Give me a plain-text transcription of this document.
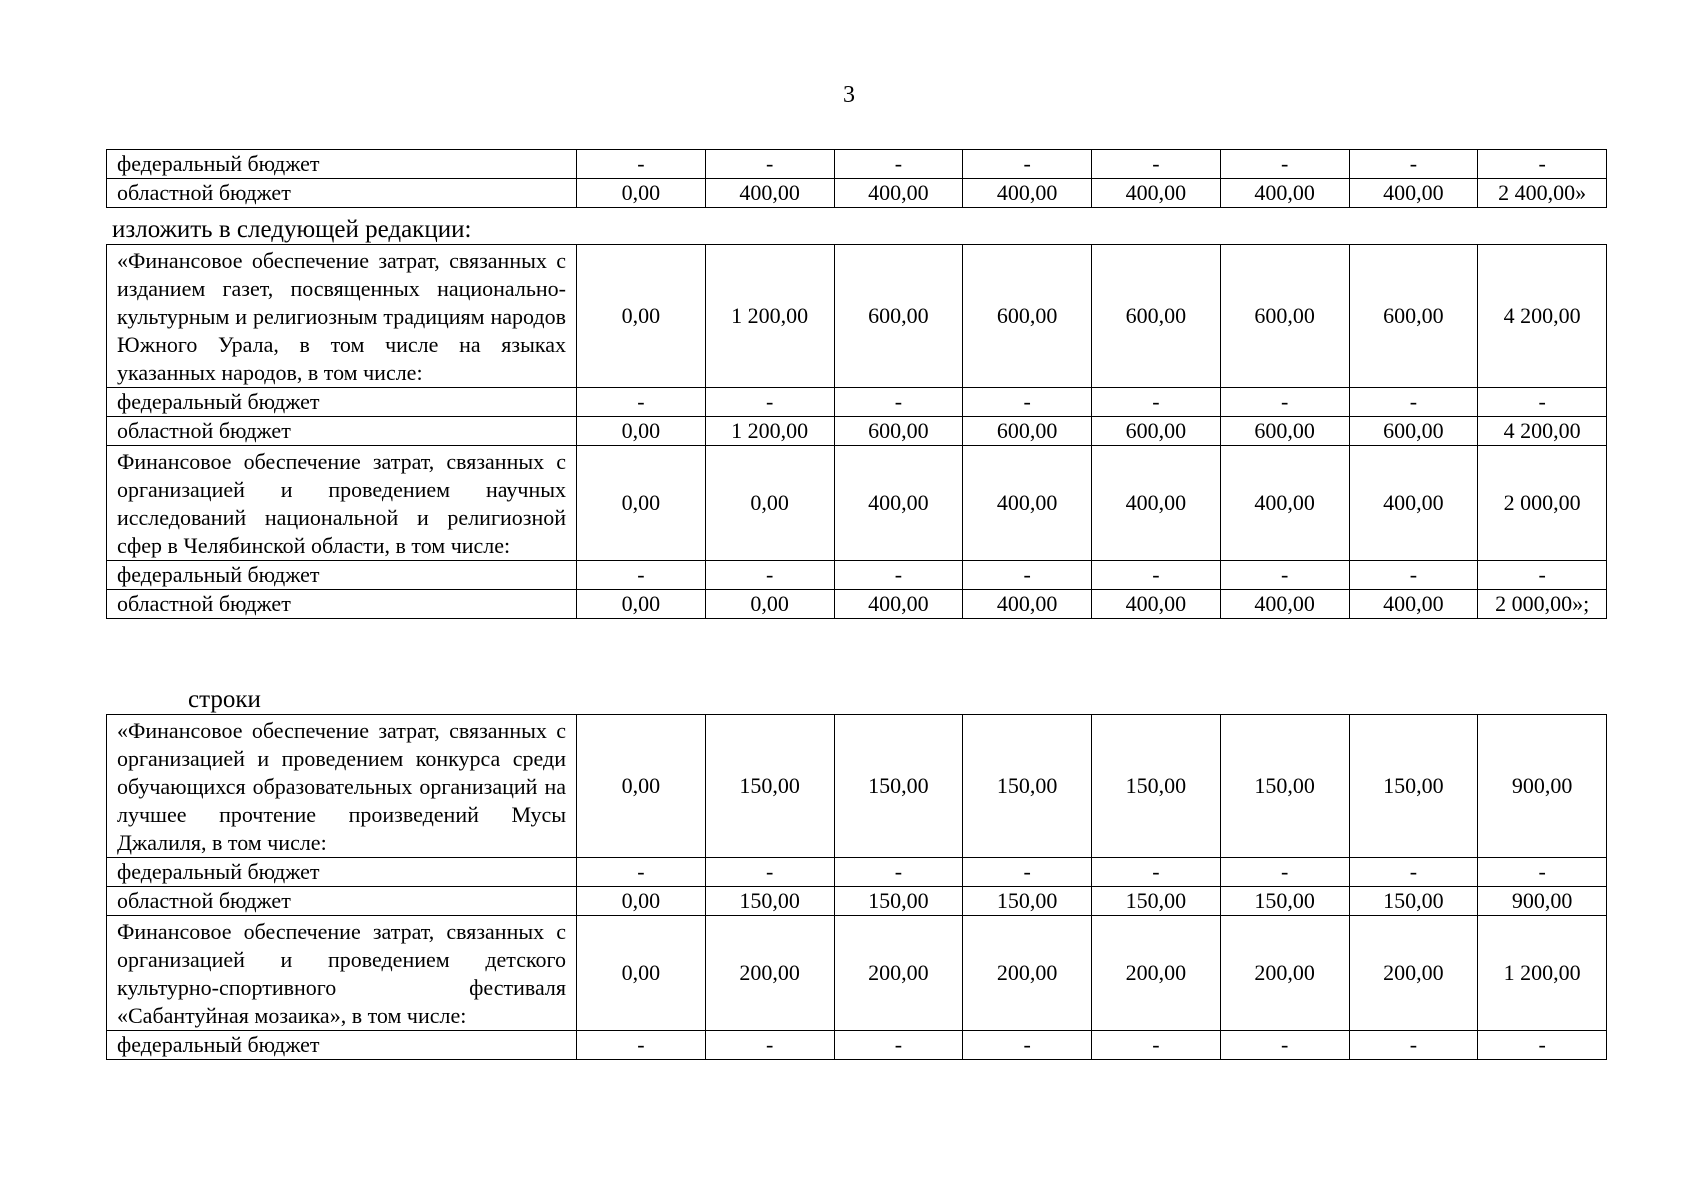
3
федеральный бюджет	-	-	-	-	-	-	-	-
областной бюджет	0,00	400,00	400,00	400,00	400,00	400,00	400,00	2 400,00»
изложить в следующей редакции:
«Финансовое обеспечение затрат, связанных с изданием газет, посвященных национально-культурным и религиозным традициям народов Южного Урала, в том числе на языках указанных народов, в том числе:	0,00	1 200,00	600,00	600,00	600,00	600,00	600,00	4 200,00
федеральный бюджет	-	-	-	-	-	-	-	-
областной бюджет	0,00	1 200,00	600,00	600,00	600,00	600,00	600,00	4 200,00
Финансовое обеспечение затрат, связанных с организацией и проведением научных исследований национальной и религиозной сфер в Челябинской области, в том числе:	0,00	0,00	400,00	400,00	400,00	400,00	400,00	2 000,00
федеральный бюджет	-	-	-	-	-	-	-	-
областной бюджет	0,00	0,00	400,00	400,00	400,00	400,00	400,00	2 000,00»;
строки
«Финансовое обеспечение затрат, связанных с организацией и проведением конкурса среди обучающихся образовательных организаций на лучшее прочтение произведений Мусы Джалиля, в том числе:	0,00	150,00	150,00	150,00	150,00	150,00	150,00	900,00
федеральный бюджет	-	-	-	-	-	-	-	-
областной бюджет	0,00	150,00	150,00	150,00	150,00	150,00	150,00	900,00
Финансовое обеспечение затрат, связанных с организацией и проведением детского культурно-спортивного фестиваля «Сабантуйная мозаика», в том числе:	0,00	200,00	200,00	200,00	200,00	200,00	200,00	1 200,00
федеральный бюджет	-	-	-	-	-	-	-	-
